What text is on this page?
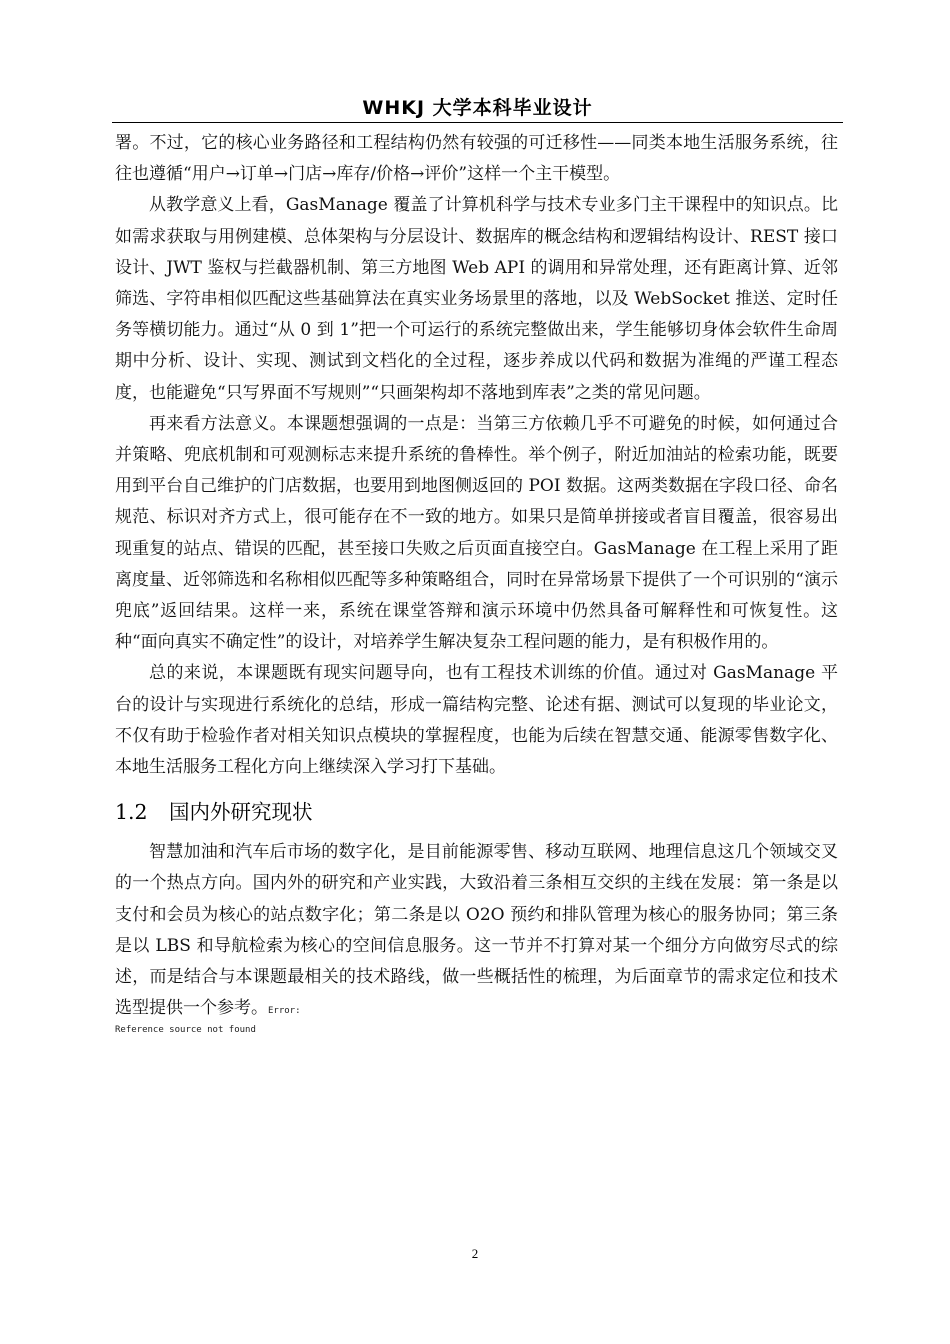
WHKJ 大学本科毕业设计

署。不过，它的核心业务路径和工程结构仍然有较强的可迁移性——同类本地生活服务系统，往往也遵循“用户→订单→门店→库存/价格→评价”这样一个主干模型。

从教学意义上看，GasManage 覆盖了计算机科学与技术专业多门主干课程中的知识点。比如需求获取与用例建模、总体架构与分层设计、数据库的概念结构和逻辑结构设计、REST 接口设计、JWT 鉴权与拦截器机制、第三方地图 Web API 的调用和异常处理，还有距离计算、近邻筛选、字符串相似匹配这些基础算法在真实业务场景里的落地，以及 WebSocket 推送、定时任务等横切能力。通过“从 0 到 1”把一个可运行的系统完整做出来，学生能够切身体会软件生命周期中分析、设计、实现、测试到文档化的全过程，逐步养成以代码和数据为准绳的严谨工程态度，也能避免“只写界面不写规则”“只画架构却不落地到库表”之类的常见问题。

再来看方法意义。本课题想强调的一点是：当第三方依赖几乎不可避免的时候，如何通过合并策略、兜底机制和可观测标志来提升系统的鲁棒性。举个例子，附近加油站的检索功能，既要用到平台自己维护的门店数据，也要用到地图侧返回的 POI 数据。这两类数据在字段口径、命名规范、标识对齐方式上，很可能存在不一致的地方。如果只是简单拼接或者盲目覆盖，很容易出现重复的站点、错误的匹配，甚至接口失败之后页面直接空白。GasManage 在工程上采用了距离度量、近邻筛选和名称相似匹配等多种策略组合，同时在异常场景下提供了一个可识别的“演示兜底”返回结果。这样一来，系统在课堂答辩和演示环境中仍然具备可解释性和可恢复性。这种“面向真实不确定性”的设计，对培养学生解决复杂工程问题的能力，是有积极作用的。

总的来说，本课题既有现实问题导向，也有工程技术训练的价值。通过对 GasManage 平台的设计与实现进行系统化的总结，形成一篇结构完整、论述有据、测试可以复现的毕业论文，不仅有助于检验作者对相关知识点模块的掌握程度，也能为后续在智慧交通、能源零售数字化、本地生活服务工程化方向上继续深入学习打下基础。

1.2 国内外研究现状

智慧加油和汽车后市场的数字化，是目前能源零售、移动互联网、地理信息这几个领域交叉的一个热点方向。国内外的研究和产业实践，大致沿着三条相互交织的主线在发展：第一条是以支付和会员为核心的站点数字化；第二条是以 O2O 预约和排队管理为核心的服务协同；第三条是以 LBS 和导航检索为核心的空间信息服务。这一节并不打算对某一个细分方向做穷尽式的综述，而是结合与本课题最相关的技术路线，做一些概括性的梳理，为后面章节的需求定位和技术选型提供一个参考。Error:

Reference source not found
2
